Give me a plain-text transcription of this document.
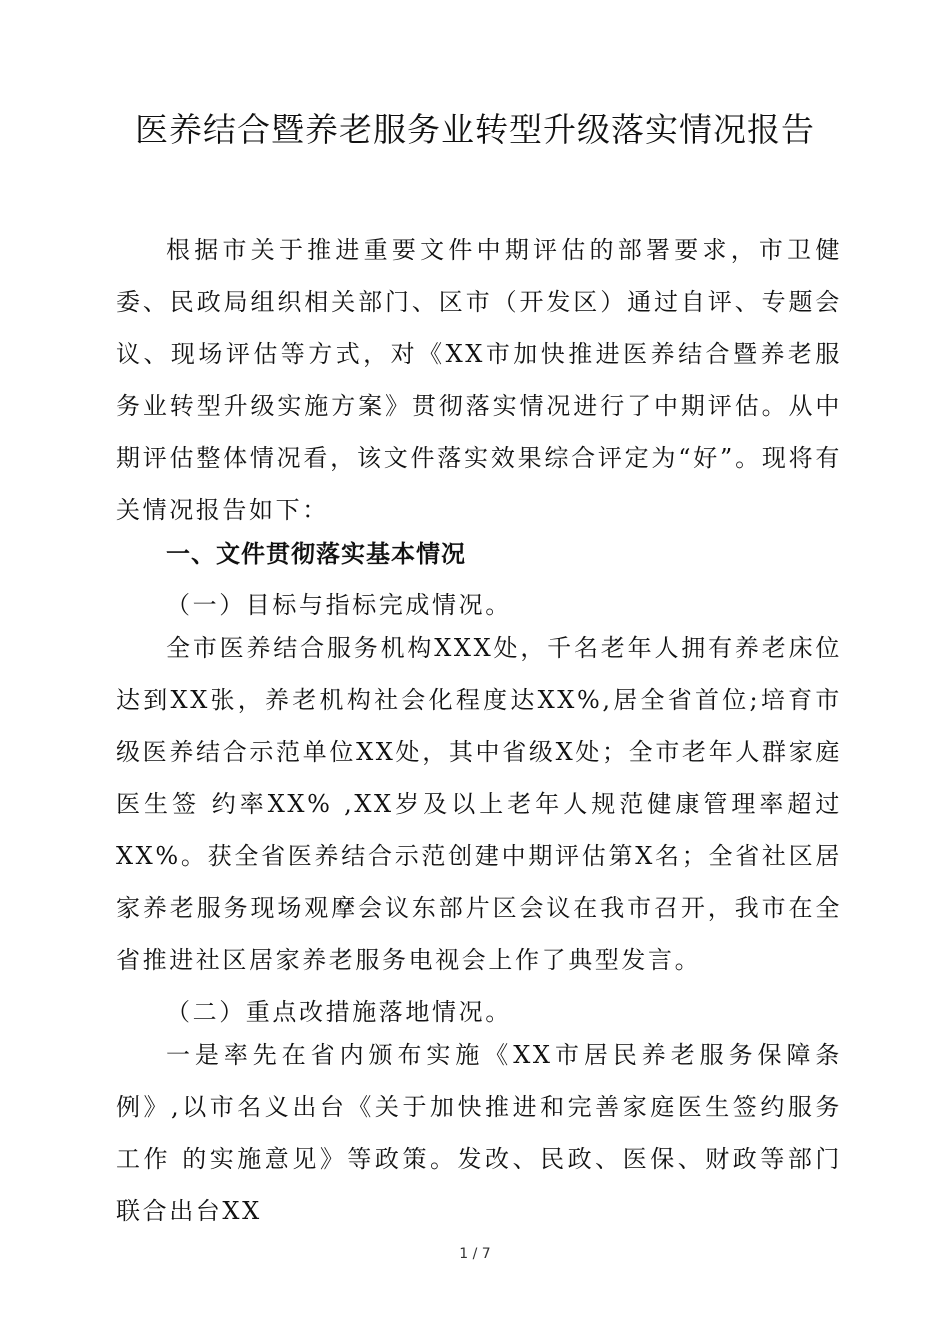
医养结合暨养老服务业转型升级落实情况报告

根据市关于推进重要文件中期评估的部署要求，市卫健委、民政局组织相关部门、区市（开发区）通过自评、专题会议、现场评估等方式，对《XX市加快推进医养结合暨养老服务业转型升级实施方案》贯彻落实情况进行了中期评估。从中期评估整体情况看，该文件落实效果综合评定为“好”。现将有关情况报告如下：

一、文件贯彻落实基本情况

（一）目标与指标完成情况。

全市医养结合服务机构XXX处，千名老年人拥有养老床位达到XX张，养老机构社会化程度达XX%,居全省首位;培育市级医养结合示范单位XX处，其中省级X处；全市老年人群家庭医生签 约率XX% ,XX岁及以上老年人规范健康管理率超过XX%。获全省医养结合示范创建中期评估第X名；全省社区居家养老服务现场观摩会议东部片区会议在我市召开，我市在全省推进社区居家养老服务电视会上作了典型发言。

（二）重点改措施落地情况。

一是率先在省内颁布实施《XX市居民养老服务保障条例》,以市名义出台《关于加快推进和完善家庭医生签约服务工作 的实施意见》等政策。发改、民政、医保、财政等部门联合出台XX

1 / 7
